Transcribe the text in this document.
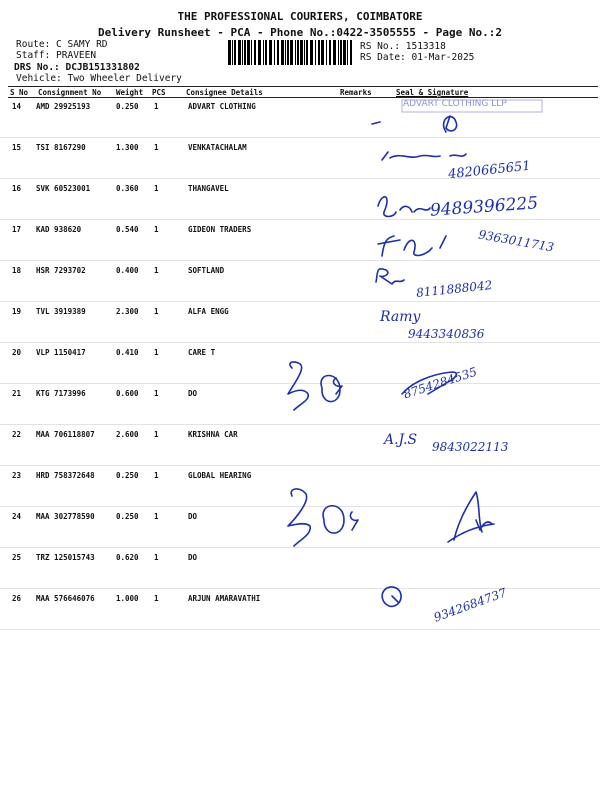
THE PROFESSIONAL COURIERS, COIMBATORE
Delivery Runsheet - PCA - Phone No.:0422-3505555 - Page No.:2
Route: C SAMY RD
Staff: PRAVEEN
DRS No.: DCJB151331802
Vehicle: Two Wheeler Delivery
RS No.: 1513318
RS Date: 01-Mar-2025
S No Consignment No Weight PCS	Consignee Details	Remarks	Seal & Signature
14 AMD 29925193	0.250 1	ADVART CLOTHING
15 TSI 8167290	1.300 1	VENKATACHALAM
16 SVK 60523001	0.360 1	THANGAVEL
17 KAD 938620	0.540 1	GIDEON TRADERS
18 HSR 7293702	0.400 1	SOFTLAND
19 TVL 3919389	2.300 1	ALFA ENGG
20 VLP 1150417	0.410 1	CARE T
21 KTG 7173996	0.600 1	DO
22 MAA 706118807	2.600 1	KRISHNA CAR
23 HRD 758372648	0.250 1	GLOBAL HEARING
24 MAA 302778590	0.250 1	DO
25 TRZ 125015743	0.620 1	DO
26 MAA 576646076	1.000 1	ARJUN AMARAVATHI
ADVART CLOTHING LLP
4820665651
9489396225
9363011713
8111888042
Ramy
9443340836
8754284535
A.J.S 9843022113
9342684737
